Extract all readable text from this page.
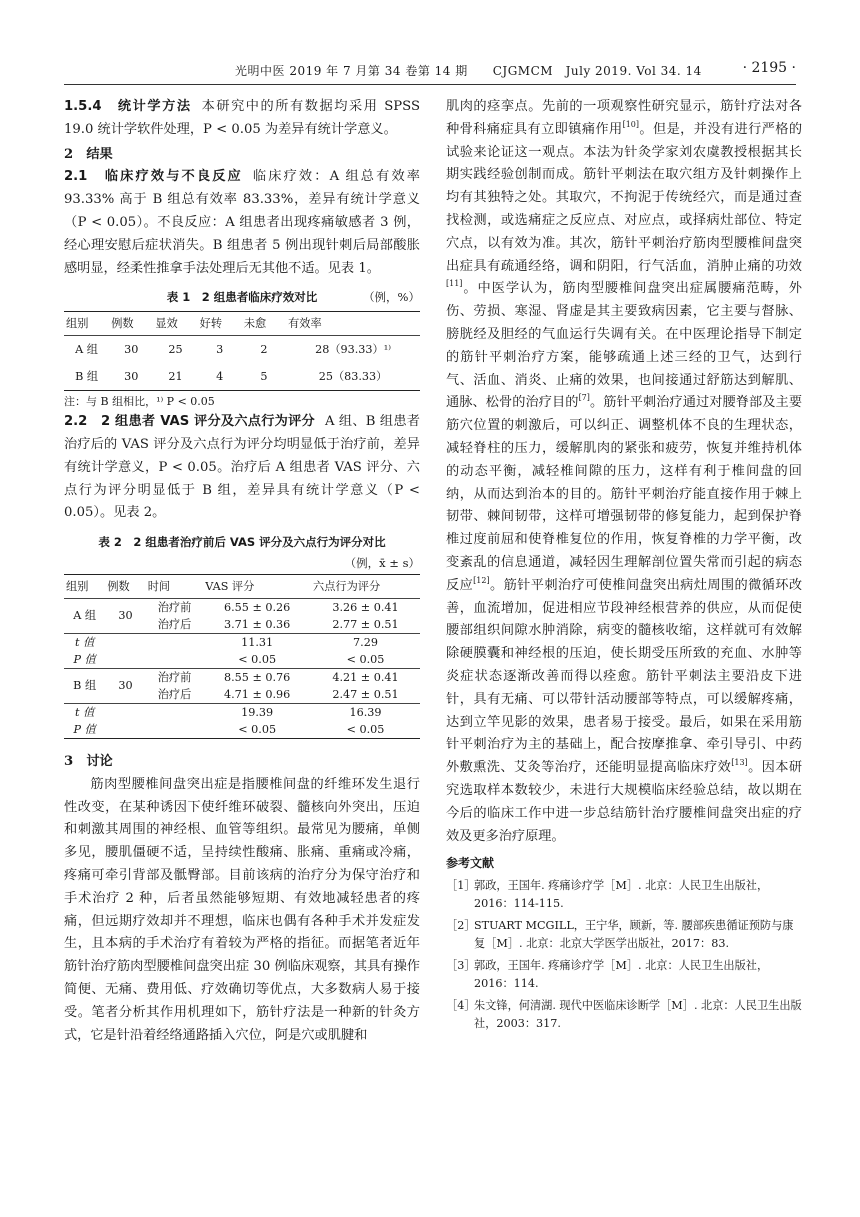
光明中医 2019 年 7 月第 34 卷第 14 期　　CJGMCM　July 2019. Vol 34. 14	· 2195 ·

1.5.4　统计学方法 本研究中的所有数据均采用 SPSS 19.0 统计学软件处理，P < 0.05 为差异有统计学意义。

2　结果

2.1　临床疗效与不良反应 临床疗效：A 组总有效率 93.33% 高于 B 组总有效率 83.33%，差异有统计学意义（P < 0.05）。不良反应：A 组患者出现疼痛敏感者 3 例，经心理安慰后症状消失。B 组患者 5 例出现针刺后局部酸胀感明显，经柔性推拿手法处理后无其他不适。见表 1。

表 1　2 组患者临床疗效对比	（例，%）
组别	例数	显效	好转	未愈	有效率
A 组	30	25	3	2	28（93.33）¹⁾
B 组	30	21	4	5	25（83.33）
注：与 B 组相比，¹⁾ P < 0.05

2.2　2 组患者 VAS 评分及六点行为评分 A 组、B 组患者治疗后的 VAS 评分及六点行为评分均明显低于治疗前，差异有统计学意义，P < 0.05。治疗后 A 组患者 VAS 评分、六点行为评分明显低于 B 组，差异具有统计学意义（P < 0.05）。见表 2。

表 2　2 组患者治疗前后 VAS 评分及六点行为评分对比
（例，x̄ ± s）
组别	例数	时间	VAS 评分	六点行为评分
A 组	30	治疗前	6.55 ± 0.26	3.26 ± 0.41
		治疗后	3.71 ± 0.36	2.77 ± 0.51
t 值			11.31	7.29
P 值			< 0.05	< 0.05
B 组	30	治疗前	8.55 ± 0.76	4.21 ± 0.41
		治疗后	4.71 ± 0.96	2.47 ± 0.51
t 值			19.39	16.39
P 值			< 0.05	< 0.05

3　讨论

筋肉型腰椎间盘突出症是指腰椎间盘的纤维环发生退行性改变，在某种诱因下使纤维环破裂、髓核向外突出，压迫和刺激其周围的神经根、血管等组织。最常见为腰痛，单侧多见，腰肌僵硬不适，呈持续性酸痛、胀痛、重痛或冷痛，疼痛可牵引背部及骶臀部。目前该病的治疗分为保守治疗和手术治疗 2 种，后者虽然能够短期、有效地减轻患者的疼痛，但远期疗效却并不理想，临床也偶有各种手术并发症发生，且本病的手术治疗有着较为严格的指征。而据笔者近年筋针治疗筋肉型腰椎间盘突出症 30 例临床观察，其具有操作简便、无痛、费用低、疗效确切等优点，大多数病人易于接受。笔者分析其作用机理如下，筋针疗法是一种新的针灸方式，它是针沿着经络通路插入穴位，阿是穴或肌腱和

肌肉的痉挛点。先前的一项观察性研究显示，筋针疗法对各种骨科痛症具有立即镇痛作用[10]。但是，并没有进行严格的试验来论证这一观点。本法为针灸学家刘农虞教授根据其长期实践经验创制而成。筋针平刺法在取穴组方及针刺操作上均有其独特之处。其取穴，不拘泥于传统经穴，而是通过查找检测，或选痛症之反应点、对应点，或择病灶部位、特定穴点，以有效为准。其次，筋针平刺治疗筋肉型腰椎间盘突出症具有疏通经络，调和阴阳，行气活血，消肿止痛的功效[11]。中医学认为，筋肉型腰椎间盘突出症属腰痛范畴，外伤、劳损、寒湿、肾虚是其主要致病因素，它主要与督脉、膀胱经及胆经的气血运行失调有关。在中医理论指导下制定的筋针平刺治疗方案，能够疏通上述三经的卫气，达到行气、活血、消炎、止痛的效果，也间接通过舒筋达到解肌、通脉、松骨的治疗目的[7]。筋针平刺治疗通过对腰脊部及主要筋穴位置的刺激后，可以纠正、调整机体不良的生理状态，减轻脊柱的压力，缓解肌肉的紧张和疲劳，恢复并维持机体的动态平衡，减轻椎间隙的压力，这样有利于椎间盘的回纳，从而达到治本的目的。筋针平刺治疗能直接作用于棘上韧带、棘间韧带，这样可增强韧带的修复能力，起到保护脊椎过度前屈和使脊椎复位的作用，恢复脊椎的力学平衡，改变紊乱的信息通道，减轻因生理解剖位置失常而引起的病态反应[12]。筋针平刺治疗可使椎间盘突出病灶周围的微循环改善，血流增加，促进相应节段神经根营养的供应，从而促使腰部组织间隙水肿消除，病变的髓核收缩，这样就可有效解除硬膜囊和神经根的压迫，使长期受压所致的充血、水肿等炎症状态逐渐改善而得以痊愈。筋针平刺法主要沿皮下进针，具有无痛、可以带针活动腰部等特点，可以缓解疼痛，达到立竿见影的效果，患者易于接受。最后，如果在采用筋针平刺治疗为主的基础上，配合按摩推拿、牵引导引、中药外敷熏洗、艾灸等治疗，还能明显提高临床疗效[13]。因本研究选取样本数较少，未进行大规模临床经验总结，故以期在今后的临床工作中进一步总结筋针治疗腰椎间盘突出症的疗效及更多治疗原理。

参考文献
［1］
郭政，王国年. 疼痛诊疗学［M］. 北京：人民卫生出版社，2016：114-115.
［2］
STUART MCGILL，王宁华，顾新，等. 腰部疾患循证预防与康复［M］. 北京：北京大学医学出版社，2017：83.
［3］
郭政，王国年. 疼痛诊疗学［M］. 北京：人民卫生出版社，2016：114.
［4］
朱文锋，何清湖. 现代中医临床诊断学［M］. 北京：人民卫生出版社，2003：317.
